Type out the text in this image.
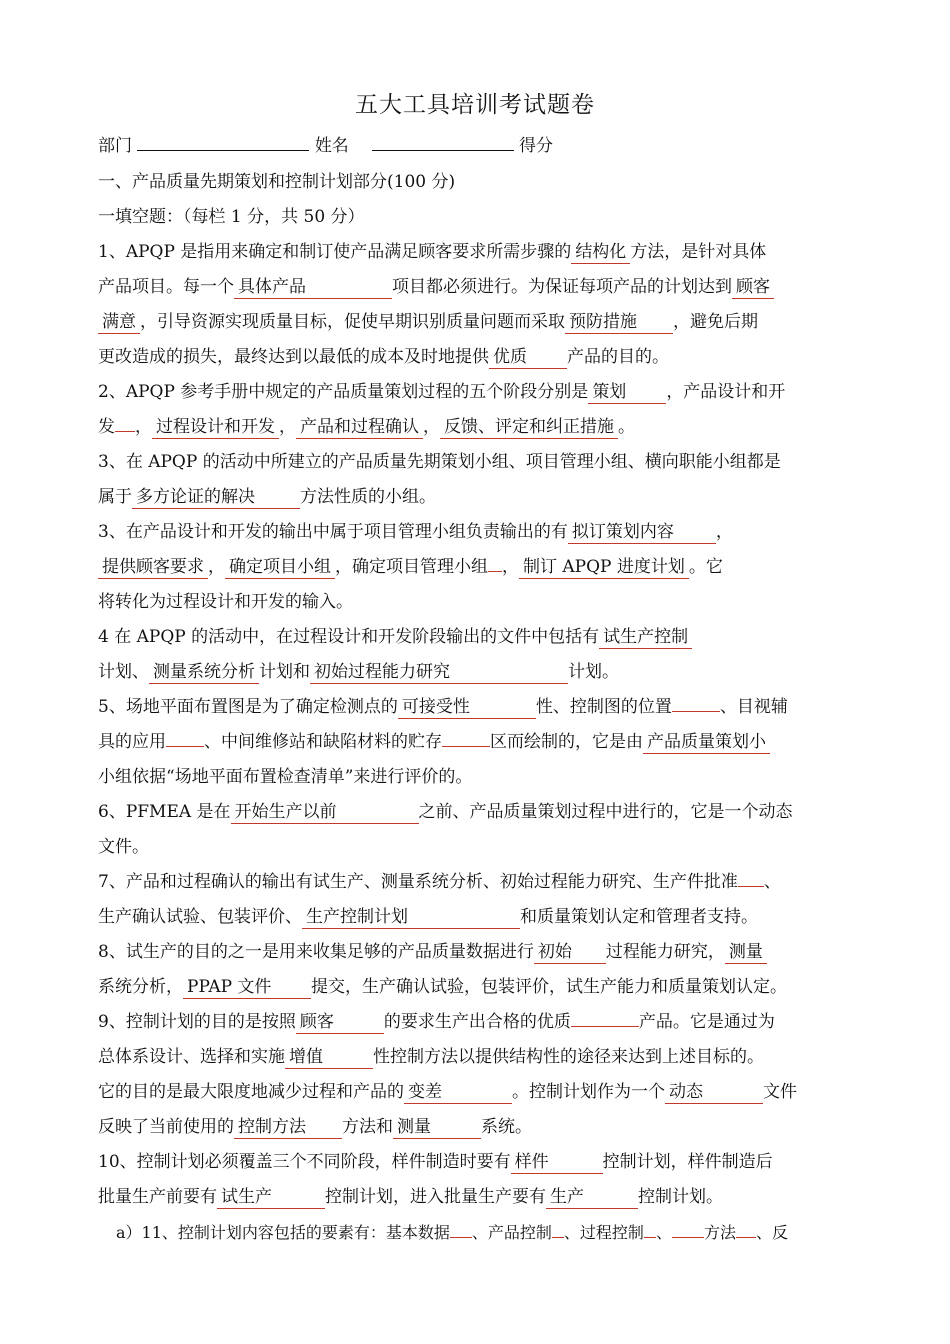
五大工具培训考试题卷
部门	姓名	得分
一、产品质量先期策划和控制计划部分(100 分)
一填空题：（每栏 1 分，共 50 分）
1、APQP 是指用来确定和制订使产品满足顾客要求所需步骤的 结构化 方法，是针对具体
产品项目。每一个 具体产品	项目都必须进行。为保证每项产品的计划达到 顾客
满意 ，引导资源实现质量目标，促使早期识别质量问题而采取 预防措施 ，避免后期
更改造成的损失，最终达到以最低的成本及时地提供 优质 产品的目的。
2、APQP 参考手册中规定的产品质量策划过程的五个阶段分别是 策划 ，产品设计和开
发 ， 过程设计和开发 ， 产品和过程确认 ， 反馈、评定和纠正措施 。
3、在 APQP 的活动中所建立的产品质量先期策划小组、项目管理小组、横向职能小组都是
属于 多方论证的解决	方法性质的小组。
3、在产品设计和开发的输出中属于项目管理小组负责输出的有 拟订策划内容 ，
提供顾客要求 ， 确定项目小组 ，确定项目管理小组 ， 制订 APQP 进度计划 。它
将转化为过程设计和开发的输入。
4 在 APQP 的活动中，在过程设计和开发阶段输出的文件中包括有 试生产控制
计划、 测量系统分析 计划和 初始过程能力研究	计划。
5、场地平面布置图是为了确定检测点的 可接受性	性、控制图的位置	、目视辅
具的应用 、中间维修站和缺陷材料的贮存	区而绘制的，它是由 产品质量策划小
小组依据“场地平面布置检查清单”来进行评价的。
6、PFMEA 是在 开始生产以前	之前、产品质量策划过程中进行的，它是一个动态
文件。
7、产品和过程确认的输出有试生产、测量系统分析、初始过程能力研究、生产件批准 、
生产确认试验、包装评价、 生产控制计划	和质量策划认定和管理者支持。
8、试生产的目的之一是用来收集足够的产品质量数据进行 初始 过程能力研究， 测量
系统分析， PPAP 文件 提交，生产确认试验，包装评价，试生产能力和质量策划认定。
9、控制计划的目的是按照 顾客	的要求生产出合格的优质	产品。它是通过为
总体系设计、选择和实施 增值	性控制方法以提供结构性的途径来达到上述目标的。
它的目的是最大限度地减少过程和产品的 变差	。控制计划作为一个 动态	文件
反映了当前使用的 控制方法 方法和 测量	系统。
10、控制计划必须覆盖三个不同阶段，样件制造时要有 样件	控制计划，样件制造后
批量生产前要有 试生产	控制计划，进入批量生产要有 生产	控制计划。
a）11、控制计划内容包括的要素有：基本数据 、产品控制 、过程控制 、 方法 、反
